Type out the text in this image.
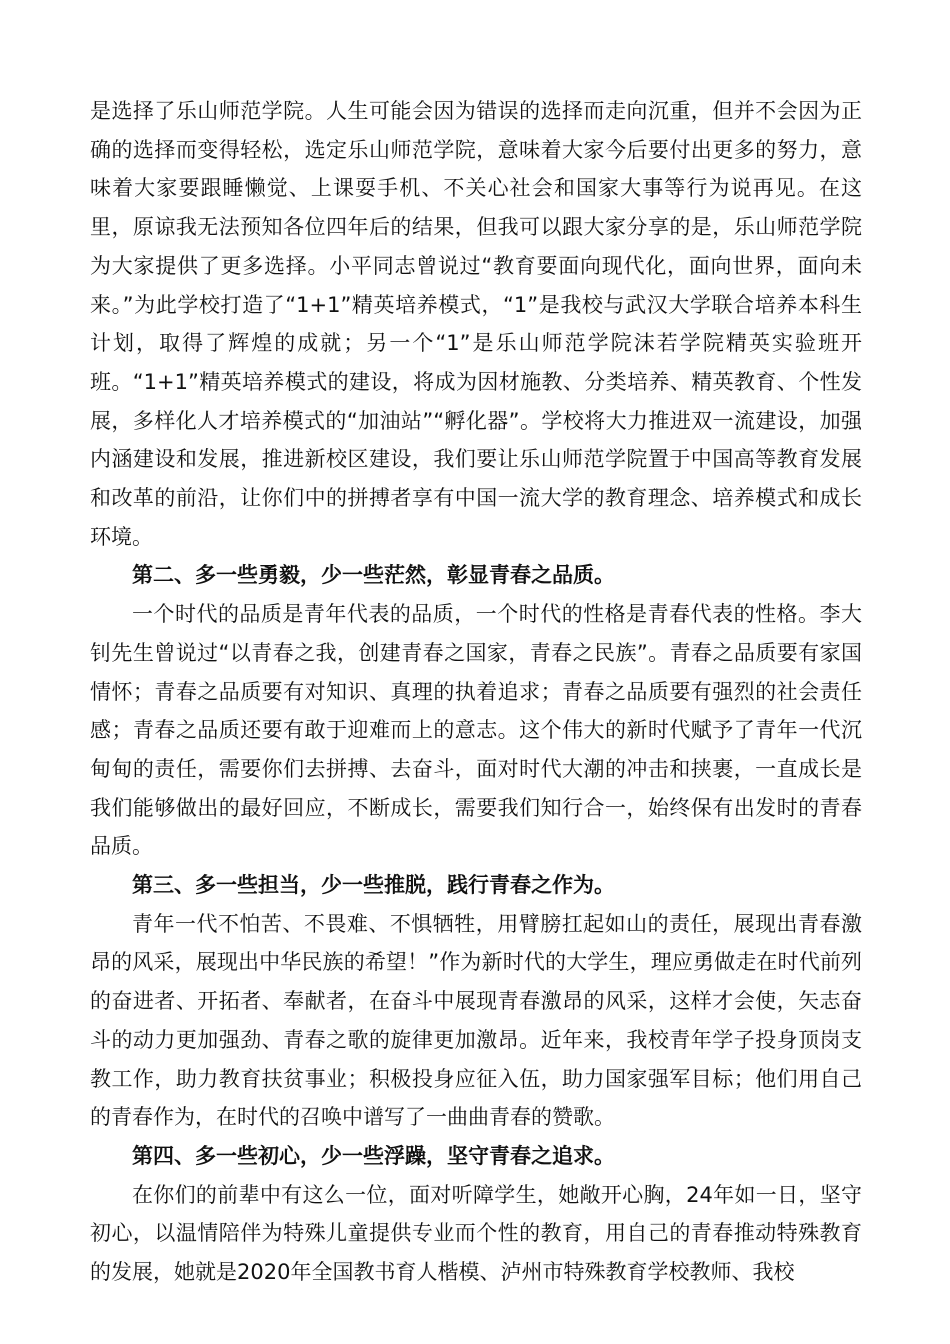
是选择了乐山师范学院。人生可能会因为错误的选择而走向沉重，但并不会因为正确的选择而变得轻松，选定乐山师范学院，意味着大家今后要付出更多的努力，意味着大家要跟睡懒觉、上课耍手机、不关心社会和国家大事等行为说再见。在这里，原谅我无法预知各位四年后的结果，但我可以跟大家分享的是，乐山师范学院为大家提供了更多选择。小平同志曾说过“教育要面向现代化，面向世界，面向未来。”为此学校打造了“1+1”精英培养模式，“1”是我校与武汉大学联合培养本科生计划，取得了辉煌的成就；另一个“1”是乐山师范学院沫若学院精英实验班开班。“1+1”精英培养模式的建设，将成为因材施教、分类培养、精英教育、个性发展，多样化人才培养模式的“加油站”“孵化器”。学校将大力推进双一流建设，加强内涵建设和发展，推进新校区建设，我们要让乐山师范学院置于中国高等教育发展和改革的前沿，让你们中的拼搏者享有中国一流大学的教育理念、培养模式和成长环境。

第二、多一些勇毅，少一些茫然，彰显青春之品质。

一个时代的品质是青年代表的品质，一个时代的性格是青春代表的性格。李大钊先生曾说过“以青春之我，创建青春之国家，青春之民族”。青春之品质要有家国情怀；青春之品质要有对知识、真理的执着追求；青春之品质要有强烈的社会责任感；青春之品质还要有敢于迎难而上的意志。这个伟大的新时代赋予了青年一代沉甸甸的责任，需要你们去拼搏、去奋斗，面对时代大潮的冲击和挟裹，一直成长是我们能够做出的最好回应，不断成长，需要我们知行合一，始终保有出发时的青春品质。

第三、多一些担当，少一些推脱，践行青春之作为。

青年一代不怕苦、不畏难、不惧牺牲，用臂膀扛起如山的责任，展现出青春激昂的风采，展现出中华民族的希望！”作为新时代的大学生，理应勇做走在时代前列的奋进者、开拓者、奉献者，在奋斗中展现青春激昂的风采，这样才会使，矢志奋斗的动力更加强劲、青春之歌的旋律更加激昂。近年来，我校青年学子投身顶岗支教工作，助力教育扶贫事业；积极投身应征入伍，助力国家强军目标；他们用自己的青春作为，在时代的召唤中谱写了一曲曲青春的赞歌。

第四、多一些初心，少一些浮躁，坚守青春之追求。

在你们的前辈中有这么一位，面对听障学生，她敞开心胸，24年如一日，坚守初心，以温情陪伴为特殊儿童提供专业而个性的教育，用自己的青春推动特殊教育的发展，她就是2020年全国教书育人楷模、泸州市特殊教育学校教师、我校
